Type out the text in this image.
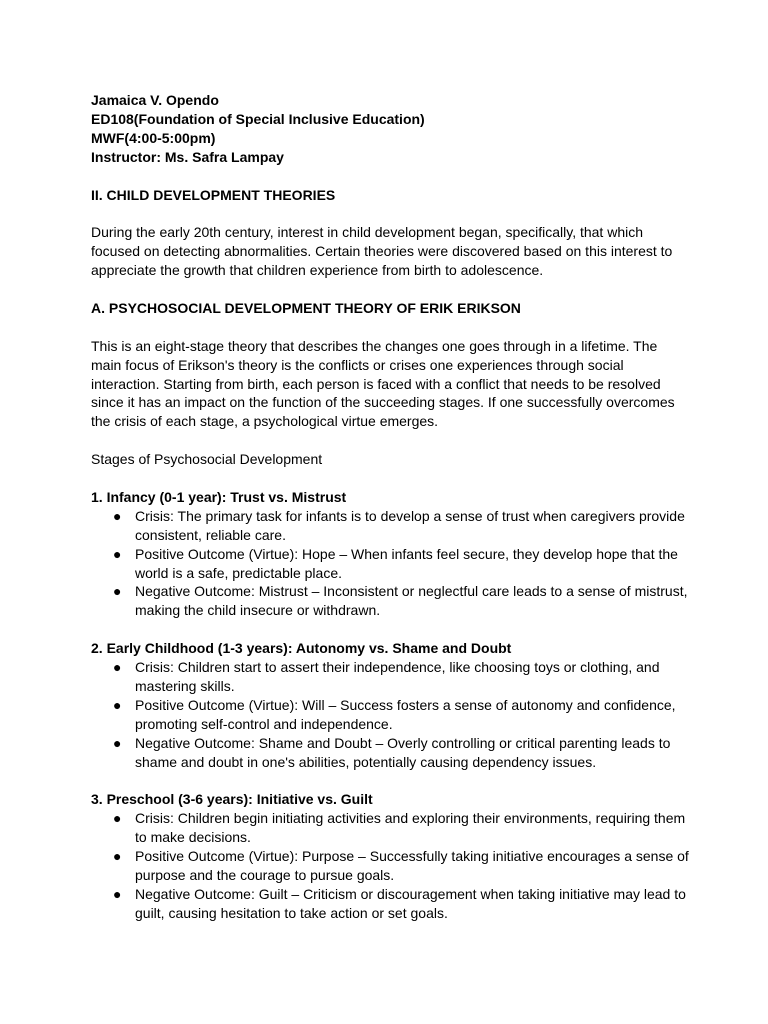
Jamaica V. Opendo
ED108(Foundation of Special Inclusive Education)
MWF(4:00-5:00pm)
Instructor: Ms. Safra Lampay
II. CHILD DEVELOPMENT THEORIES

During the early 20th century, interest in child development began, specifically, that which focused on detecting abnormalities. Certain theories were discovered based on this interest to appreciate the growth that children experience from birth to adolescence.

A. PSYCHOSOCIAL DEVELOPMENT THEORY OF ERIK ERIKSON

This is an eight-stage theory that describes the changes one goes through in a lifetime. The main focus of Erikson's theory is the conflicts or crises one experiences through social interaction. Starting from birth, each person is faced with a conflict that needs to be resolved since it has an impact on the function of the succeeding stages. If one successfully overcomes the crisis of each stage, a psychological virtue emerges.

Stages of Psychosocial Development
1. Infancy (0-1 year): Trust vs. Mistrust
● Crisis: The primary task for infants is to develop a sense of trust when caregivers provide consistent, reliable care.
● Positive Outcome (Virtue): Hope – When infants feel secure, they develop hope that the world is a safe, predictable place.
● Negative Outcome: Mistrust – Inconsistent or neglectful care leads to a sense of mistrust, making the child insecure or withdrawn.
2. Early Childhood (1-3 years): Autonomy vs. Shame and Doubt
● Crisis: Children start to assert their independence, like choosing toys or clothing, and mastering skills.
● Positive Outcome (Virtue): Will – Success fosters a sense of autonomy and confidence, promoting self-control and independence.
● Negative Outcome: Shame and Doubt – Overly controlling or critical parenting leads to shame and doubt in one's abilities, potentially causing dependency issues.
3. Preschool (3-6 years): Initiative vs. Guilt
● Crisis: Children begin initiating activities and exploring their environments, requiring them to make decisions.
● Positive Outcome (Virtue): Purpose – Successfully taking initiative encourages a sense of purpose and the courage to pursue goals.
● Negative Outcome: Guilt – Criticism or discouragement when taking initiative may lead to guilt, causing hesitation to take action or set goals.
